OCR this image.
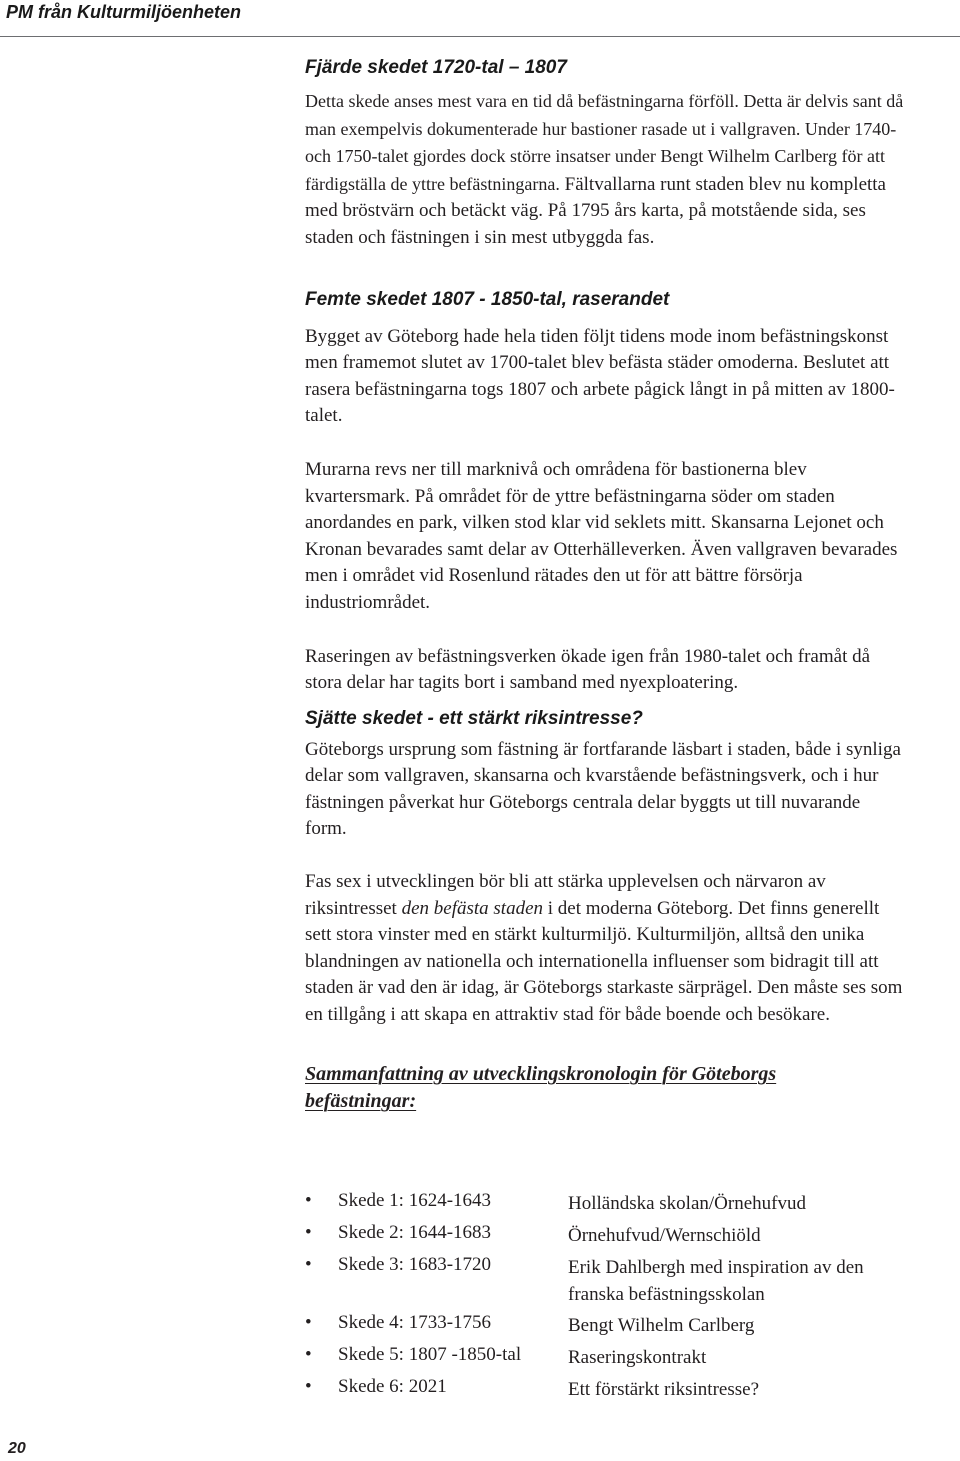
PM från Kulturmiljöenheten
Fjärde skedet 1720-tal – 1807

Detta skede anses mest vara en tid då befästningarna förföll. Detta är delvis sant då man exempelvis dokumenterade hur bastioner rasade ut i vallgraven. Under 1740- och 1750-talet gjordes dock större insatser under Bengt Wilhelm Carlberg för att färdigställa de yttre befästningarna. Fältvallarna runt staden blev nu kompletta med bröstvärn och betäckt väg. På 1795 års karta, på motstående sida, ses staden och fästningen i sin mest utbyggda fas.

Femte skedet 1807 - 1850-tal, raserandet

Bygget av Göteborg hade hela tiden följt tidens mode inom befästningskonst men framemot slutet av 1700-talet blev befästa städer omoderna. Beslutet att rasera befästningarna togs 1807 och arbete pågick långt in på mitten av 1800-talet.

Murarna revs ner till marknivå och områdena för bastionerna blev kvartersmark. På området för de yttre befästningarna söder om staden anordandes en park, vilken stod klar vid seklets mitt. Skansarna Lejonet och Kronan bevarades samt delar av Otterhälleverken. Även vallgraven bevarades men i området vid Rosenlund rätades den ut för att bättre försörja industriområdet.

Raseringen av befästningsverken ökade igen från 1980-talet och framåt då stora delar har tagits bort i samband med nyexploatering.

Sjätte skedet - ett stärkt riksintresse?

Göteborgs ursprung som fästning är fortfarande läsbart i staden, både i synliga delar som vallgraven, skansarna och kvarstående befästningsverk, och i hur fästningen påverkat hur Göteborgs centrala delar byggts ut till nuvarande form.

Fas sex i utvecklingen bör bli att stärka upplevelsen och närvaron av riksintresset den befästa staden i det moderna Göteborg. Det finns generellt sett stora vinster med en stärkt kulturmiljö. Kulturmiljön, alltså den unika blandningen av nationella och internationella influenser som bidragit till att staden är vad den är idag, är Göteborgs starkaste särprägel. Den måste ses som en tillgång i att skapa en attraktiv stad för både boende och besökare.

Sammanfattning av utvecklingskronologin för Göteborgs befästningar:
• Skede 1: 1624-1643	Holländska skolan/Örnehufvud
• Skede 2: 1644-1683	Örnehufvud/Wernschiöld
• Skede 3: 1683-1720	Erik Dahlbergh med inspiration av den franska befästningsskolan
• Skede 4: 1733-1756	Bengt Wilhelm Carlberg
• Skede 5: 1807 -1850-tal Raseringskontrakt
• Skede 6: 2021	Ett förstärkt riksintresse?
20
